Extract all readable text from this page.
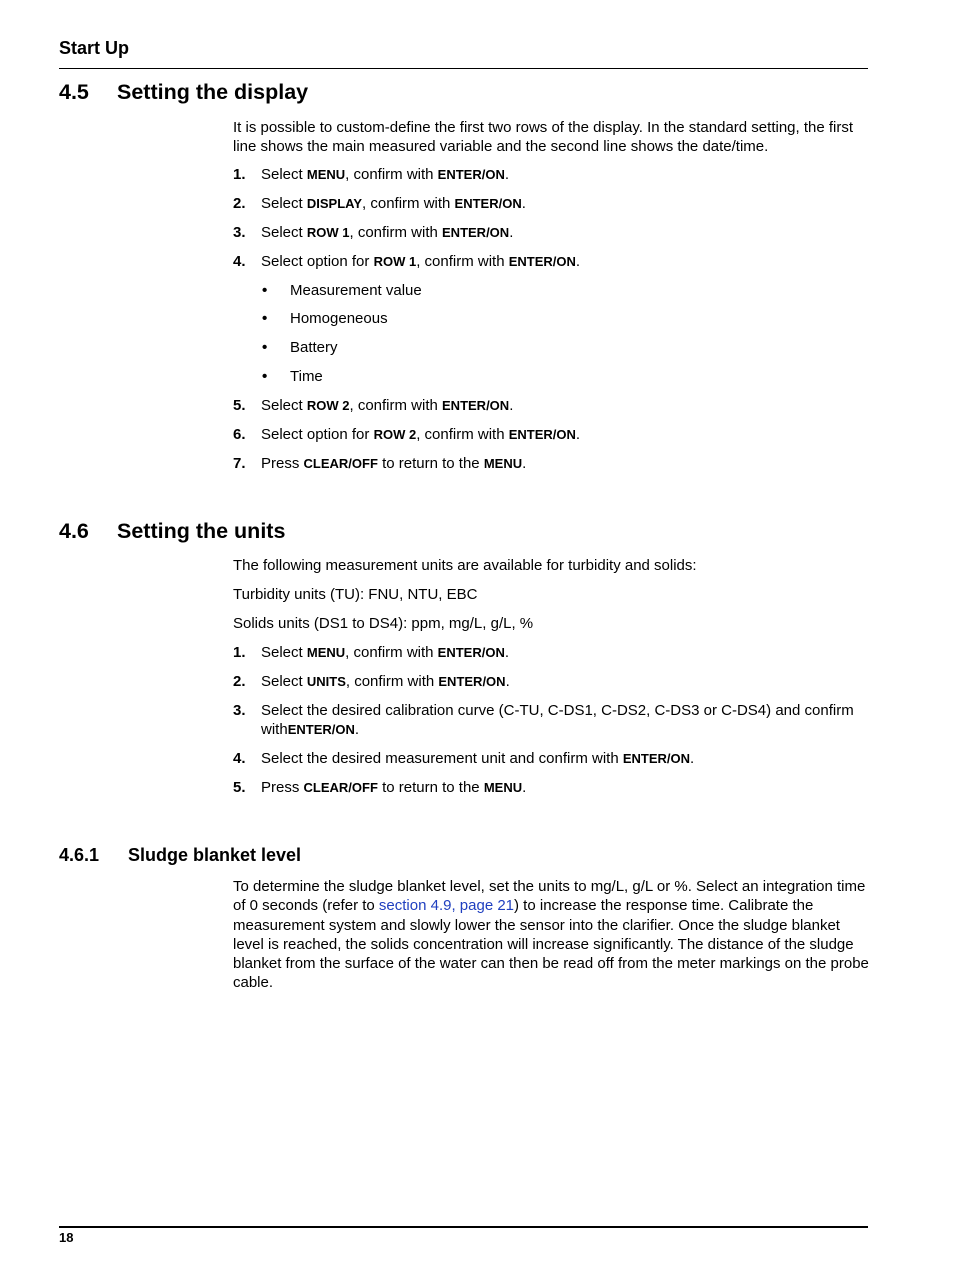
Start Up
4.5 Setting the display

It is possible to custom-define the first two rows of the display. In the standard setting, the first line shows the main measured variable and the second line shows the date/time.

1. Select MENU, confirm with ENTER/ON.
2. Select DISPLAY, confirm with ENTER/ON.
3. Select ROW 1, confirm with ENTER/ON.
4. Select option for ROW 1, confirm with ENTER/ON.
• Measurement value
• Homogeneous
• Battery
• Time
5. Select ROW 2, confirm with ENTER/ON.
6. Select option for ROW 2, confirm with ENTER/ON.
7. Press CLEAR/OFF to return to the MENU.
4.6 Setting the units

The following measurement units are available for turbidity and solids:

Turbidity units (TU): FNU, NTU, EBC

Solids units (DS1 to DS4): ppm, mg/L, g/L, %

1. Select MENU, confirm with ENTER/ON.
2. Select UNITS, confirm with ENTER/ON.
3. Select the desired calibration curve (C-TU, C-DS1, C-DS2, C-DS3 or C-DS4) and confirm withENTER/ON.
4. Select the desired measurement unit and confirm with ENTER/ON.
5. Press CLEAR/OFF to return to the MENU.
4.6.1 Sludge blanket level

To determine the sludge blanket level, set the units to mg/L, g/L or %. Select an integration time of 0 seconds (refer to section 4.9, page 21) to increase the response time. Calibrate the measurement system and slowly lower the sensor into the clarifier. Once the sludge blanket level is reached, the solids concentration will increase significantly. The distance of the sludge blanket from the surface of the water can then be read off from the meter markings on the probe cable.

18
